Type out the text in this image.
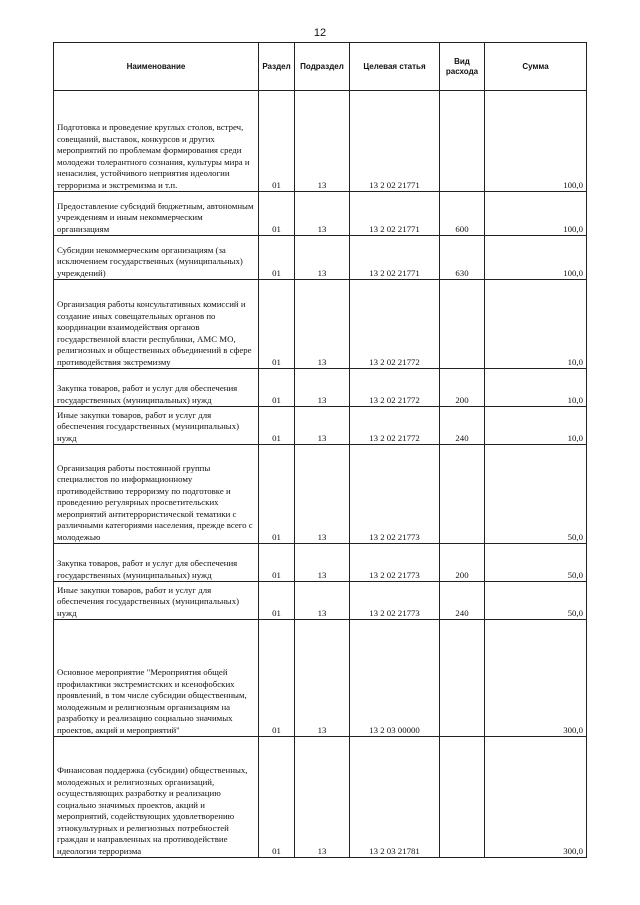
12
Наименование	Раздел	Подраздел	Целевая статья	Вид расхода	Сумма
Подготовка и проведение круглых столов, встреч, совещаний, выставок, конкурсов и других мероприятий по проблемам формирования среди молодежи толерантного сознания, культуры мира и ненасилия, устойчивого неприятия идеологии терроризма и экстремизма и т.п.	01	13	13 2 02 21771		100,0
Предоставление субсидий бюджетным, автономным учреждениям и иным некоммерческим организациям	01	13	13 2 02 21771	600	100,0
Субсидии некоммерческим организациям (за исключением государственных (муниципальных) учреждений)	01	13	13 2 02 21771	630	100,0
Организация работы консультативных комиссий и создание иных совещательных органов по координации взаимодействия органов государственной власти республики, АМС МО, религиозных и общественных объединений в сфере противодействия экстремизму	01	13	13 2 02 21772		10,0
Закупка товаров, работ и услуг для обеспечения государственных (муниципальных) нужд	01	13	13 2 02 21772	200	10,0
Иные закупки товаров, работ и услуг для обеспечения государственных (муниципальных) нужд	01	13	13 2 02 21772	240	10,0
Организация работы постоянной группы специалистов по информационному противодействию терроризму по подготовке и проведению регулярных просветительских мероприятий антитеррористической тематики с различными категориями населения, прежде всего с молодежью	01	13	13 2 02 21773		50,0
Закупка товаров, работ и услуг для обеспечения государственных (муниципальных) нужд	01	13	13 2 02 21773	200	50,0
Иные закупки товаров, работ и услуг для обеспечения государственных (муниципальных) нужд	01	13	13 2 02 21773	240	50,0
Основное мероприятие "Мероприятия общей профилактики экстремистских и ксенофобских проявлений, в том числе субсидии общественным, молодежным и религиозным организациям на разработку и реализацию социально значимых проектов, акций и мероприятий"	01	13	13 2 03 00000		300,0
Финансовая поддержка (субсидии) общественных, молодежных и религиозных организаций, осуществляющих разработку и реализацию социально значимых проектов, акций и мероприятий, содействующих удовлетворению этнокультурных и религиозных потребностей граждан и направленных на противодействие идеологии терроризма	01	13	13 2 03 21781		300,0
